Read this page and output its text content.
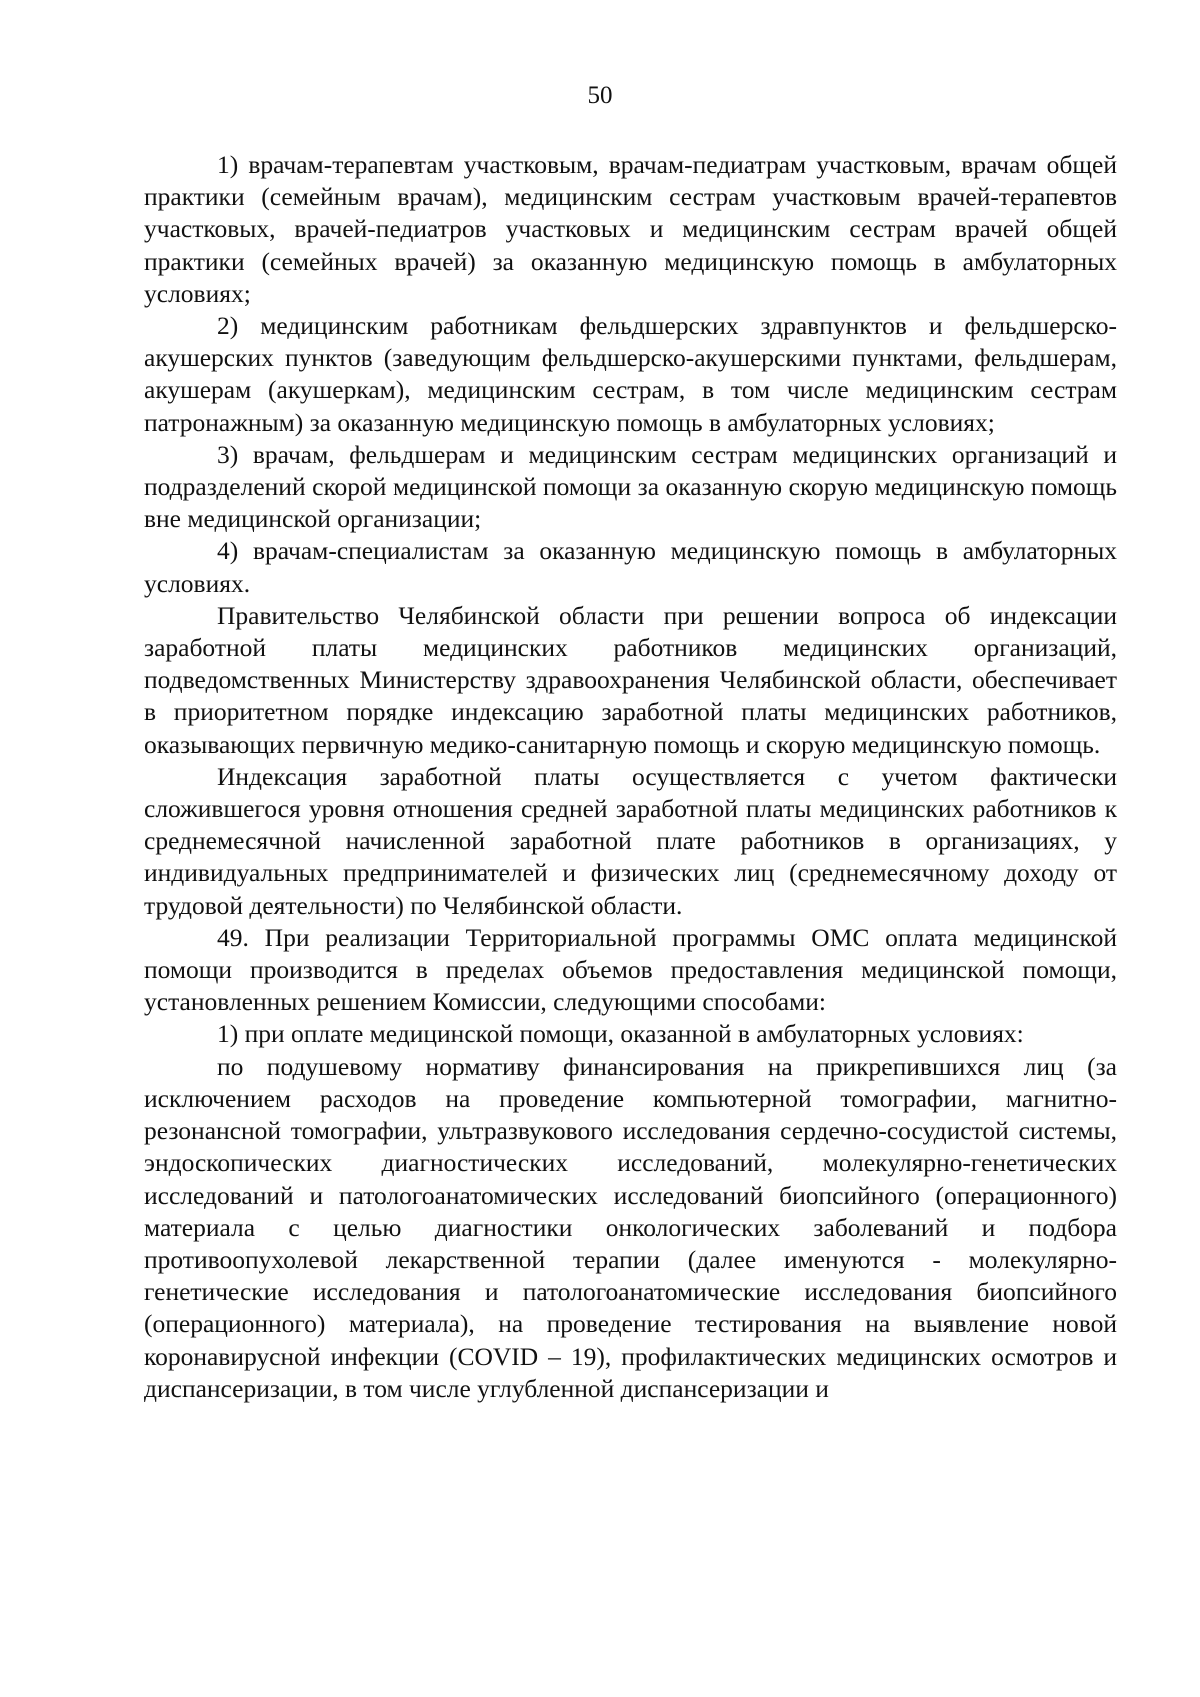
50

1) врачам-терапевтам участковым, врачам-педиатрам участковым, врачам общей практики (семейным врачам), медицинским сестрам участковым врачей-терапевтов участковых, врачей-педиатров участковых и медицинским сестрам врачей общей практики (семейных врачей) за оказанную медицинскую помощь в амбулаторных условиях;

2) медицинским работникам фельдшерских здравпунктов и фельдшерско-акушерских пунктов (заведующим фельдшерско-акушерскими пунктами, фельдшерам, акушерам (акушеркам), медицинским сестрам, в том числе медицинским сестрам патронажным) за оказанную медицинскую помощь в амбулаторных условиях;

3) врачам, фельдшерам и медицинским сестрам медицинских организаций и подразделений скорой медицинской помощи за оказанную скорую медицинскую помощь вне медицинской организации;

4) врачам-специалистам за оказанную медицинскую помощь в амбулаторных условиях.

Правительство Челябинской области при решении вопроса об индексации заработной платы медицинских работников медицинских организаций, подведомственных Министерству здравоохранения Челябинской области, обеспечивает в приоритетном порядке индексацию заработной платы медицинских работников, оказывающих первичную медико-санитарную помощь и скорую медицинскую помощь.

Индексация заработной платы осуществляется с учетом фактически сложившегося уровня отношения средней заработной платы медицинских работников к среднемесячной начисленной заработной плате работников в организациях, у индивидуальных предпринимателей и физических лиц (среднемесячному доходу от трудовой деятельности) по Челябинской области.

49. При реализации Территориальной программы ОМС оплата медицинской помощи производится в пределах объемов предоставления медицинской помощи, установленных решением Комиссии, следующими способами:

1) при оплате медицинской помощи, оказанной в амбулаторных условиях:

по подушевому нормативу финансирования на прикрепившихся лиц (за исключением расходов на проведение компьютерной томографии, магнитно-резонансной томографии, ультразвукового исследования сердечно-сосудистой системы, эндоскопических диагностических исследований, молекулярно-генетических исследований и патологоанатомических исследований биопсийного (операционного) материала с целью диагностики онкологических заболеваний и подбора противоопухолевой лекарственной терапии (далее именуются - молекулярно-генетические исследования и патологоанатомические исследования биопсийного (операционного) материала), на проведение тестирования на выявление новой коронавирусной инфекции (COVID – 19), профилактических медицинских осмотров и диспансеризации, в том числе углубленной диспансеризации и
